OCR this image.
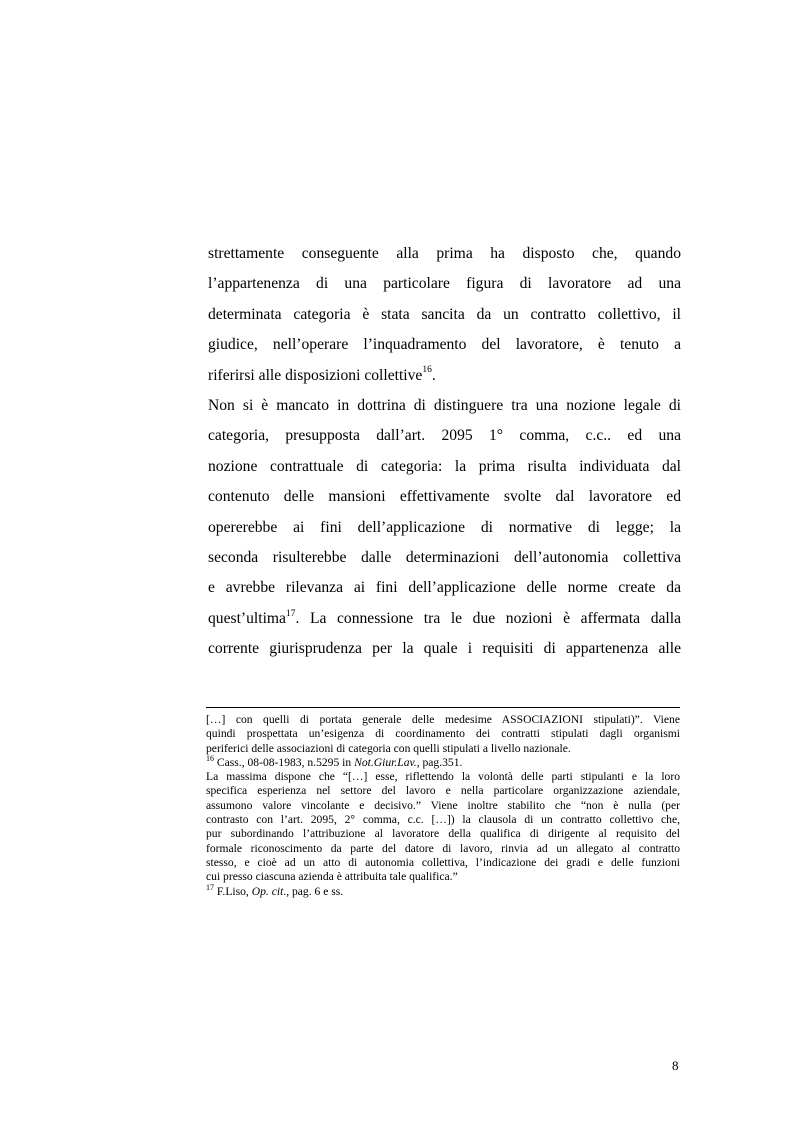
strettamente conseguente alla prima ha disposto che, quando
l’appartenenza di una particolare figura di lavoratore ad una
determinata categoria è stata sancita da un contratto collettivo, il
giudice, nell’operare l’inquadramento del lavoratore, è tenuto a
riferirsi alle disposizioni collettive$^{16}$.
Non si è mancato in dottrina di distinguere tra una nozione legale di
categoria, presupposta dall’art. 2095 1° comma, c.c.. ed una
nozione contrattuale di categoria: la prima risulta individuata dal
contenuto delle mansioni effettivamente svolte dal lavoratore ed
opererebbe ai fini dell’applicazione di normative di legge; la
seconda risulterebbe dalle determinazioni dell’autonomia collettiva
e avrebbe rilevanza ai fini dell’applicazione delle norme create da
quest’ultima$^{17}$. La connessione tra le due nozioni è affermata dalla
corrente giurisprudenza per la quale i requisiti di appartenenza alle
[…] con quelli di portata generale delle medesime ASSOCIAZIONI stipulati)”. Viene
quindi prospettata un’esigenza di coordinamento dei contratti stipulati dagli organismi
periferici delle associazioni di categoria con quelli stipulati a livello nazionale.
$^{16}$ Cass., 08-08-1983, n.5295 in Not.Giur.Lav., pag.351.
La massima dispone che “[…] esse, riflettendo la volontà delle parti stipulanti e la loro
specifica esperienza nel settore del lavoro e nella particolare organizzazione aziendale,
assumono valore vincolante e decisivo.” Viene inoltre stabilito che “non è nulla (per
contrasto con l’art. 2095, 2° comma, c.c. […]) la clausola di un contratto collettivo che,
pur subordinando l’attribuzione al lavoratore della qualifica di dirigente al requisito del
formale riconoscimento da parte del datore di lavoro, rinvia ad un allegato al contratto
stesso, e cioè ad un atto di autonomia collettiva, l’indicazione dei gradi e delle funzioni
cui presso ciascuna azienda è attribuita tale qualifica.”
$^{17}$ F.Liso, Op. cit., pag. 6 e ss.
8
